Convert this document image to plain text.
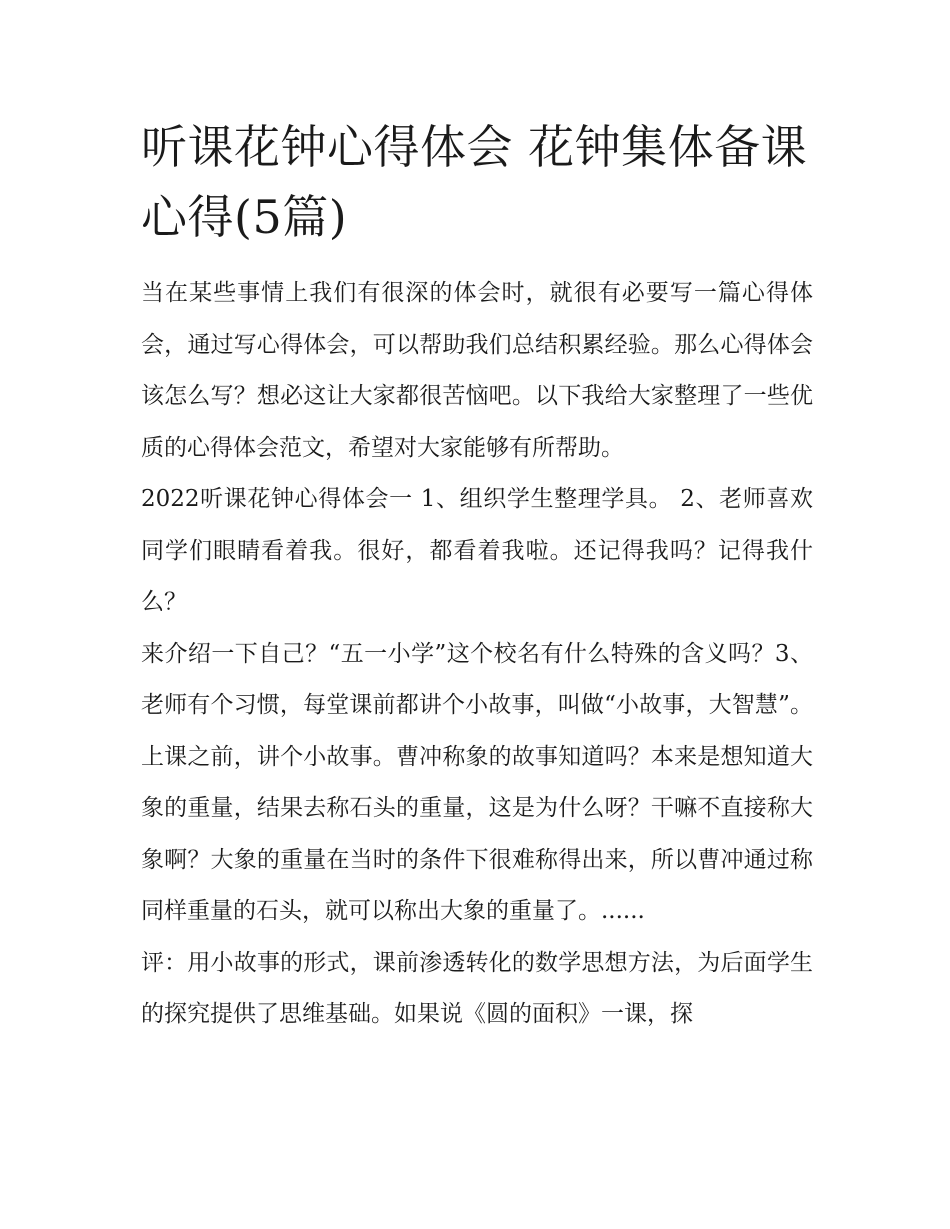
听课花钟心得体会 花钟集体备课心得(5篇)

当在某些事情上我们有很深的体会时，就很有必要写一篇心得体会，通过写心得体会，可以帮助我们总结积累经验。那么心得体会该怎么写？想必这让大家都很苦恼吧。以下我给大家整理了一些优质的心得体会范文，希望对大家能够有所帮助。

2022听课花钟心得体会一 1、组织学生整理学具。 2、老师喜欢同学们眼睛看着我。很好，都看着我啦。还记得我吗？记得我什么？

来介绍一下自己？“五一小学”这个校名有什么特殊的含义吗？3、老师有个习惯，每堂课前都讲个小故事，叫做“小故事，大智慧”。上课之前，讲个小故事。曹冲称象的故事知道吗？本来是想知道大象的重量，结果去称石头的重量，这是为什么呀？干嘛不直接称大象啊？大象的重量在当时的条件下很难称得出来，所以曹冲通过称同样重量的石头，就可以称出大象的重量了。......

评：用小故事的形式，课前渗透转化的数学思想方法，为后面学生的探究提供了思维基础。如果说《圆的面积》一课，探
